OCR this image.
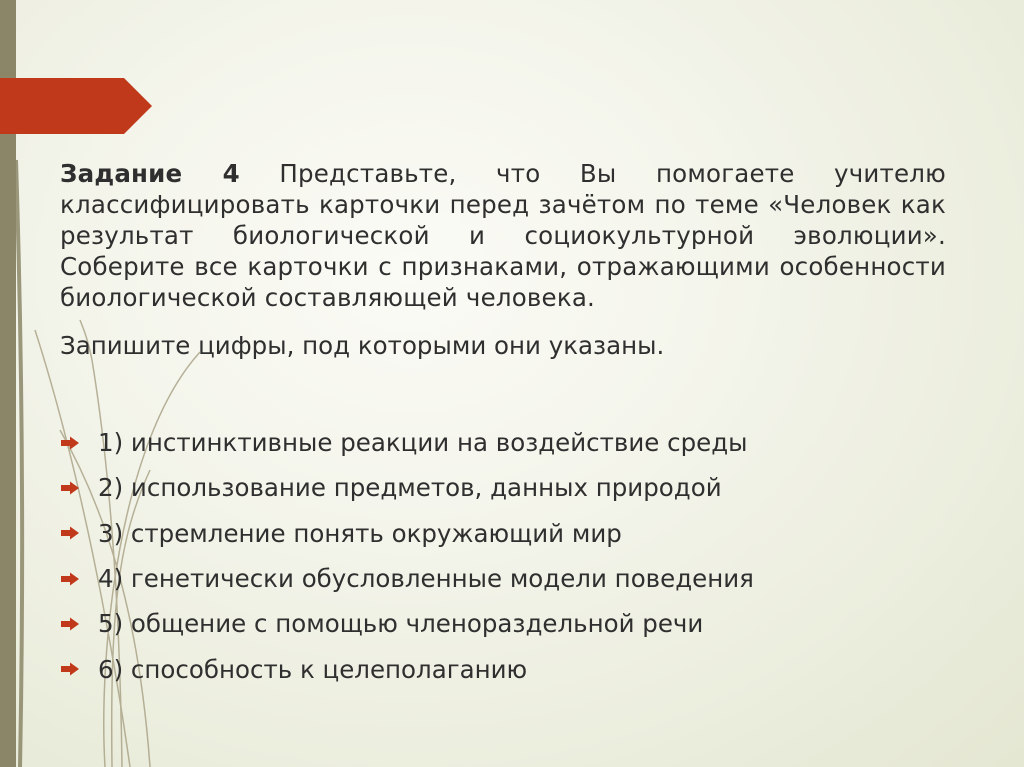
Задание 4 Представьте, что Вы помогаете учителю классифицировать карточки перед зачётом по теме «Человек как результат биологической и социокультурной эволюции». Соберите все карточки с признаками, отражающими особенности биологической составляющей человека.
Запишите цифры, под которыми они указаны.
1) инстинктивные реакции на воздействие среды
2) использование предметов, данных природой
3) стремление понять окружающий мир
4) генетически обусловленные модели поведения
5) общение с помощью членораздельной речи
6) способность к целеполаганию
